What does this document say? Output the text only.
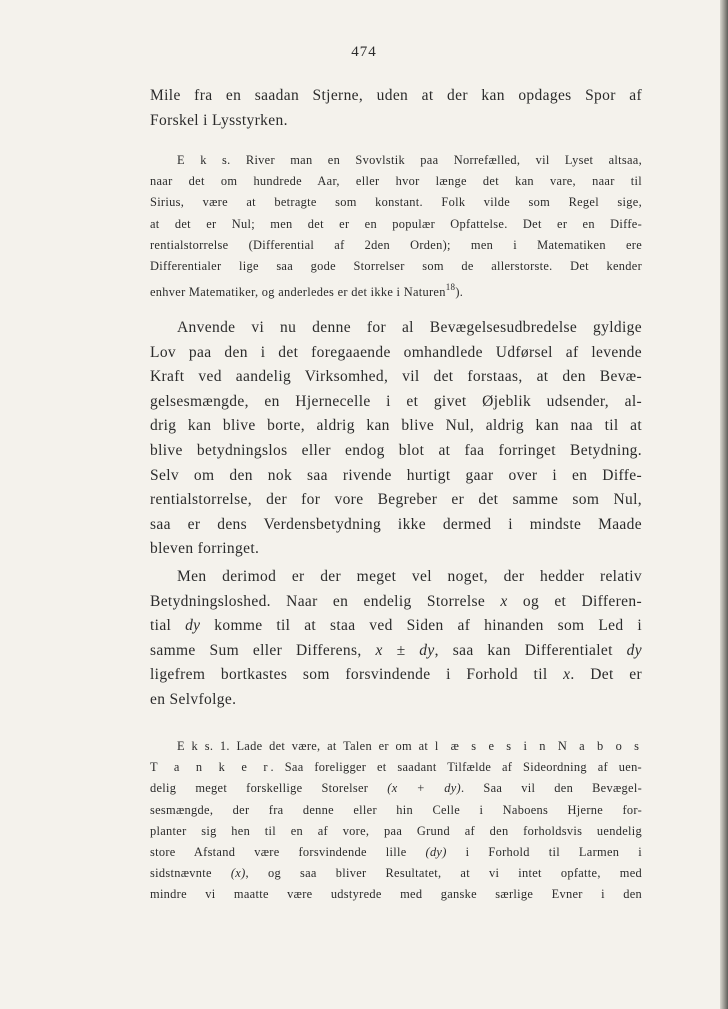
474
Mile fra en saadan Stjerne, uden at der kan opdages Spor af
Forskel i Lysstyrken.
E k s. River man en Svovlstik paa Norrefælled, vil Lyset altsaa,
naar det om hundrede Aar, eller hvor længe det kan vare, naar til
Sirius, være at betragte som konstant. Folk vilde som Regel sige,
at det er Nul; men det er en populær Opfattelse. Det er en Diffe-
rentialstorrelse (Differential af 2den Orden); men i Matematiken ere
Differentialer lige saa gode Storrelser som de allerstorste. Det kender
enhver Matematiker, og anderledes er det ikke i Naturen$^{18}$).
Anvende vi nu denne for al Bevægelsesudbredelse gyldige
Lov paa den i det foregaaende omhandlede Udførsel af levende
Kraft ved aandelig Virksomhed, vil det forstaas, at den Bevæ-
gelsesmængde, en Hjernecelle i et givet Øjeblik udsender, al-
drig kan blive borte, aldrig kan blive Nul, aldrig kan naa til at
blive betydningslos eller endog blot at faa forringet Betydning.
Selv om den nok saa rivende hurtigt gaar over i en Diffe-
rentialstorrelse, der for vore Begreber er det samme som Nul,
saa er dens Verdensbetydning ikke dermed i mindste Maade
bleven forringet.
Men derimod er der meget vel noget, der hedder relativ
Betydningsloshed. Naar en endelig Storrelse x og et Differen-
tial dy komme til at staa ved Siden af hinanden som Led i
samme Sum eller Differens, x ± dy, saa kan Differentialet dy
ligefrem bortkastes som forsvindende i Forhold til x. Det er
en Selvfolge.
E k s. 1. Lade det være, at Talen er om at l æ s e s i n N a b o s
T a n k e r. Saa foreligger et saadant Tilfælde af Sideordning af uen-
delig meget forskellige Storelser (x + dy). Saa vil den Bevægel-
sesmængde, der fra denne eller hin Celle i Naboens Hjerne for-
planter sig hen til en af vore, paa Grund af den forholdsvis uendelig
store Afstand være forsvindende lille (dy) i Forhold til Larmen i
sidstnævnte (x), og saa bliver Resultatet, at vi intet opfatte, med
mindre vi maatte være udstyrede med ganske særlige Evner i den
